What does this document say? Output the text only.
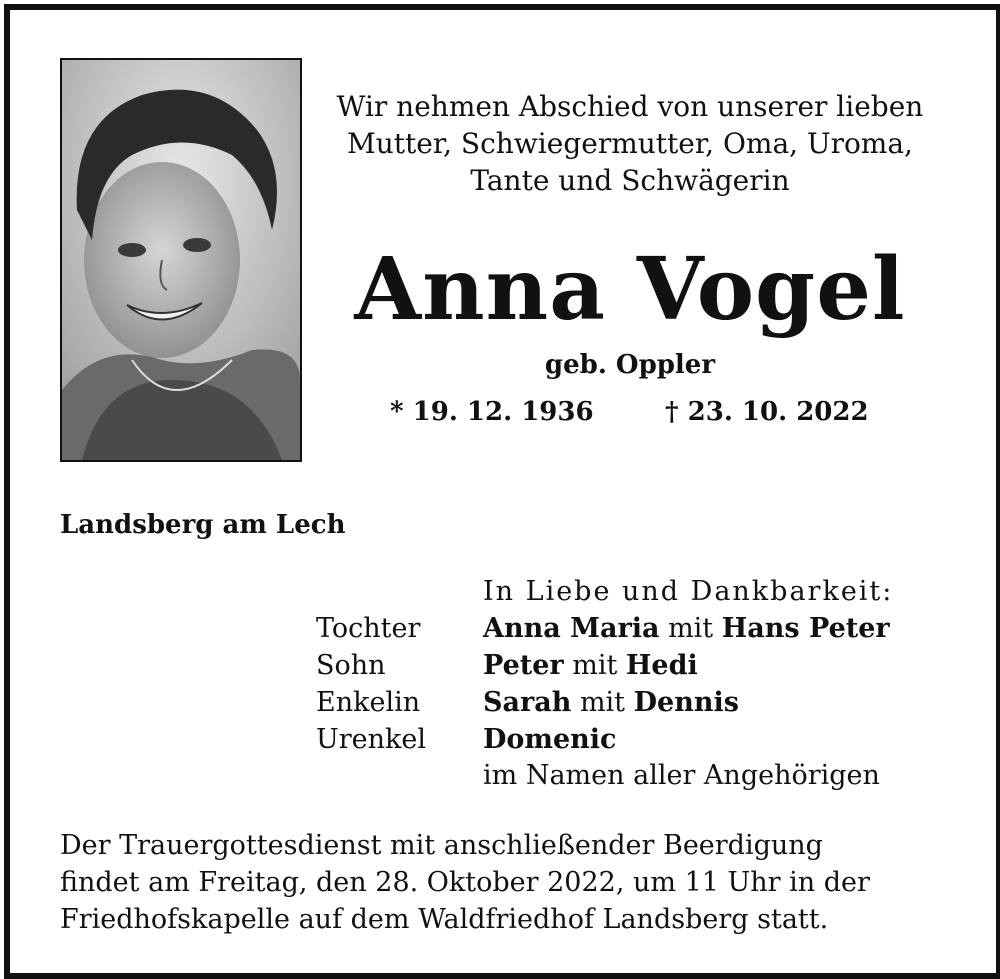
Wir nehmen Abschied von unserer lieben
Mutter, Schwiegermutter, Oma, Uroma,
Tante und Schwägerin
Anna Vogel
geb. Oppler
* 19. 12. 1936	† 23. 10. 2022
Landsberg am Lech
In Liebe und Dankbarkeit:
Tochter Anna Maria mit Hans Peter
Sohn	Peter mit Hedi
Enkelin Sarah mit Dennis
Urenkel Domenic
im Namen aller Angehörigen
Der Trauergottesdienst mit anschließender Beerdigung
findet am Freitag, den 28. Oktober 2022, um 11 Uhr in der
Friedhofskapelle auf dem Waldfriedhof Landsberg statt.
